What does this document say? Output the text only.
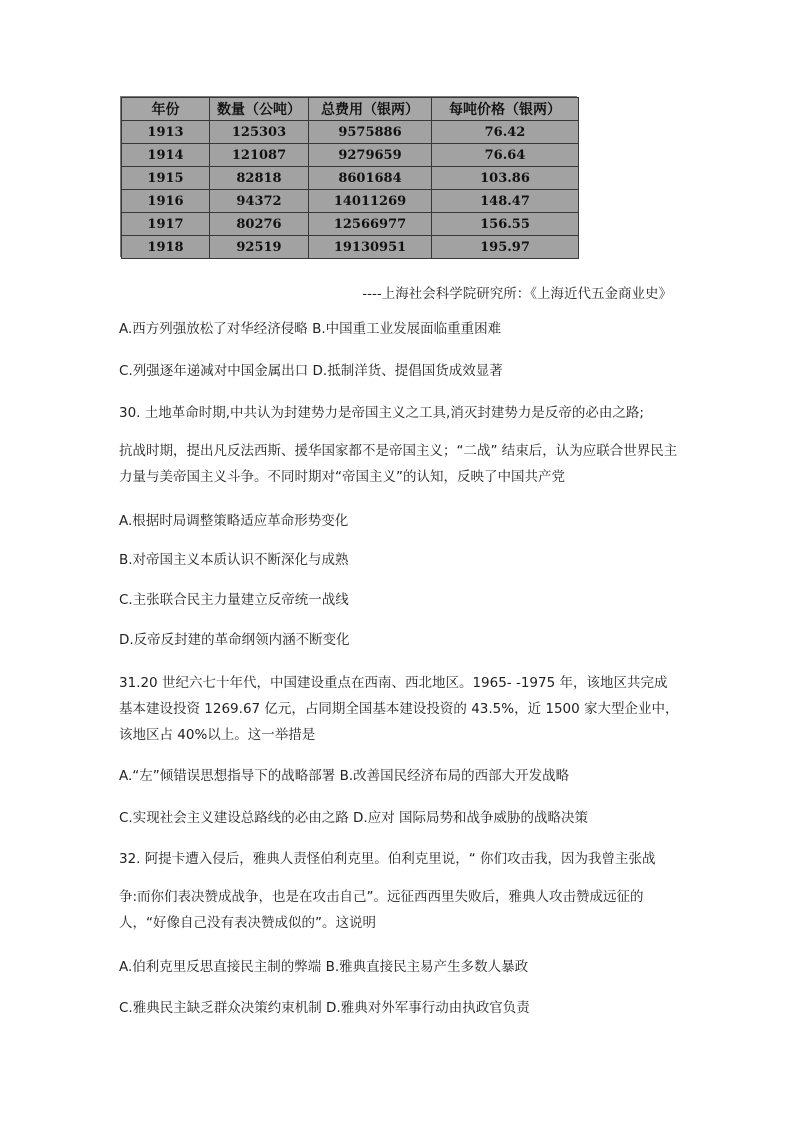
年份	数量（公吨）	总费用（银两）	每吨价格（银两）
1913	125303	9575886	76.42
1914	121087	9279659	76.64
1915	82818	8601684	103.86
1916	94372	14011269	148.47
1917	80276	12566977	156.55
1918	92519	19130951	195.97
----上海社会科学院研究所：《上海近代五金商业史》
A.西方列强放松了对华经济侵略 B.中国重工业发展面临重重困难
C.列强逐年递减对中国金属出口 D.抵制洋货、提倡国货成效显著
30. 土地革命时期,中共认为封建势力是帝国主义之工具,消灭封建势力是反帝的必由之路;
抗战时期，提出凡反法西斯、援华国家都不是帝国主义；“二战” 结束后，认为应联合世界民主力量与美帝国主义斗争。不同时期对“帝国主义”的认知，反映了中国共产党
A.根据时局调整策略适应革命形势变化
B.对帝国主义本质认识不断深化与成熟
C.主张联合民主力量建立反帝统一战线
D.反帝反封建的革命纲领内涵不断变化
31.20 世纪六七十年代，中国建设重点在西南、西北地区。1965- -1975 年，该地区共完成基本建设投资 1269.67 亿元，占同期全国基本建设投资的 43.5%，近 1500 家大型企业中，该地区占 40%以上。这一举措是
A.“左”倾错误思想指导下的战略部署 B.改善国民经济布局的西部大开发战略
C.实现社会主义建设总路线的必由之路 D.应对 国际局势和战争威胁的战略决策
32. 阿提卡遭入侵后，雅典人责怪伯利克里。伯利克里说，“ 你们攻击我，因为我曾主张战
争:而你们表决赞成战争，也是在攻击自己”。远征西西里失败后，雅典人攻击赞成远征的人，“好像自己没有表决赞成似的”。这说明
A.伯利克里反思直接民主制的弊端 B.雅典直接民主易产生多数人暴政
C.雅典民主缺乏群众决策约束机制 D.雅典对外军事行动由执政官负责
